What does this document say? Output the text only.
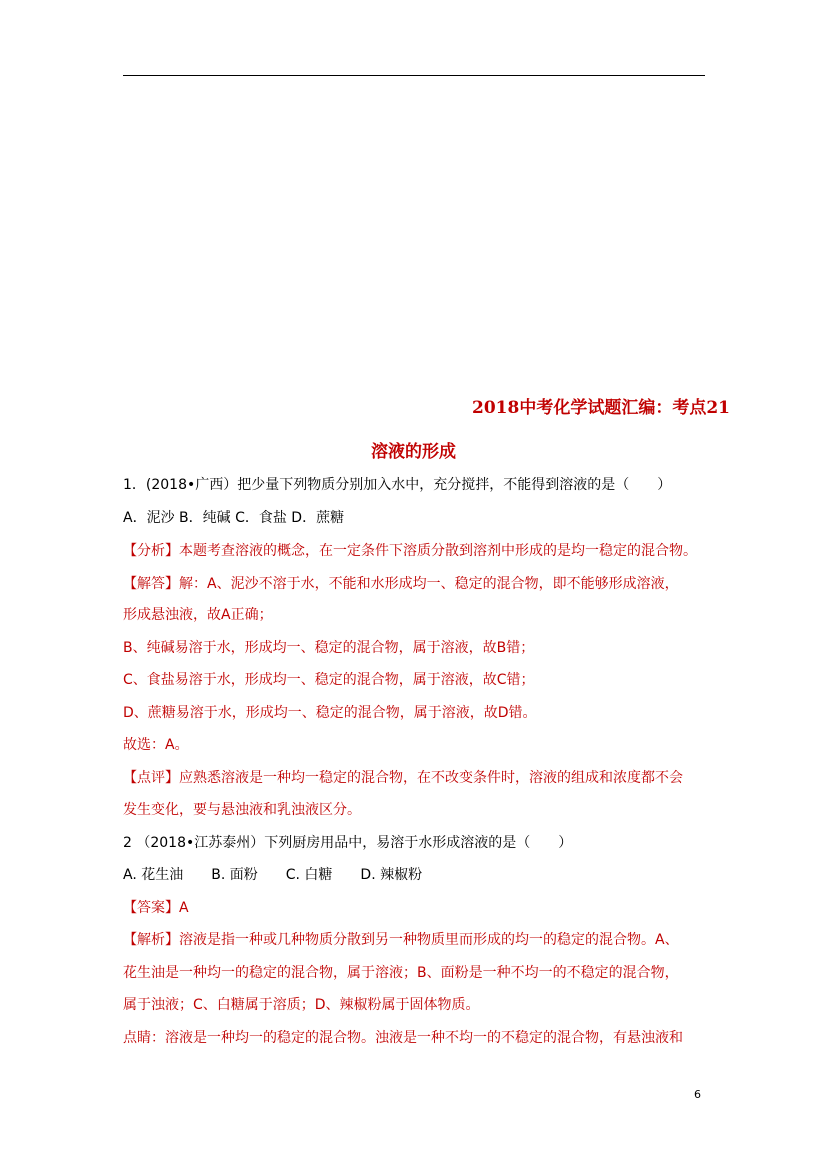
2018中考化学试题汇编：考点21
溶液的形成
1．(2018•广西）把少量下列物质分别加入水中，充分搅拌，不能得到溶液的是（　　）
A．泥沙 B．纯碱 C．食盐 D．蔗糖
【分析】本题考查溶液的概念，在一定条件下溶质分散到溶剂中形成的是均一稳定的混合物。
【解答】解：A、泥沙不溶于水，不能和水形成均一、稳定的混合物，即不能够形成溶液，
形成悬浊液，故A正确；
B、纯碱易溶于水，形成均一、稳定的混合物，属于溶液，故B错；
C、食盐易溶于水，形成均一、稳定的混合物，属于溶液，故C错；
D、蔗糖易溶于水，形成均一、稳定的混合物，属于溶液，故D错。
故选：A。
【点评】应熟悉溶液是一种均一稳定的混合物，在不改变条件时，溶液的组成和浓度都不会
发生变化，要与悬浊液和乳浊液区分。
2 （2018•江苏泰州）下列厨房用品中，易溶于水形成溶液的是（　　）
A. 花生油　　B. 面粉　　C. 白糖　　D. 辣椒粉
【答案】A
【解析】溶液是指一种或几种物质分散到另一种物质里而形成的均一的稳定的混合物。A、
花生油是一种均一的稳定的混合物，属于溶液；B、面粉是一种不均一的不稳定的混合物，
属于浊液；C、白糖属于溶质；D、辣椒粉属于固体物质。
点睛：溶液是一种均一的稳定的混合物。浊液是一种不均一的不稳定的混合物，有悬浊液和
6
